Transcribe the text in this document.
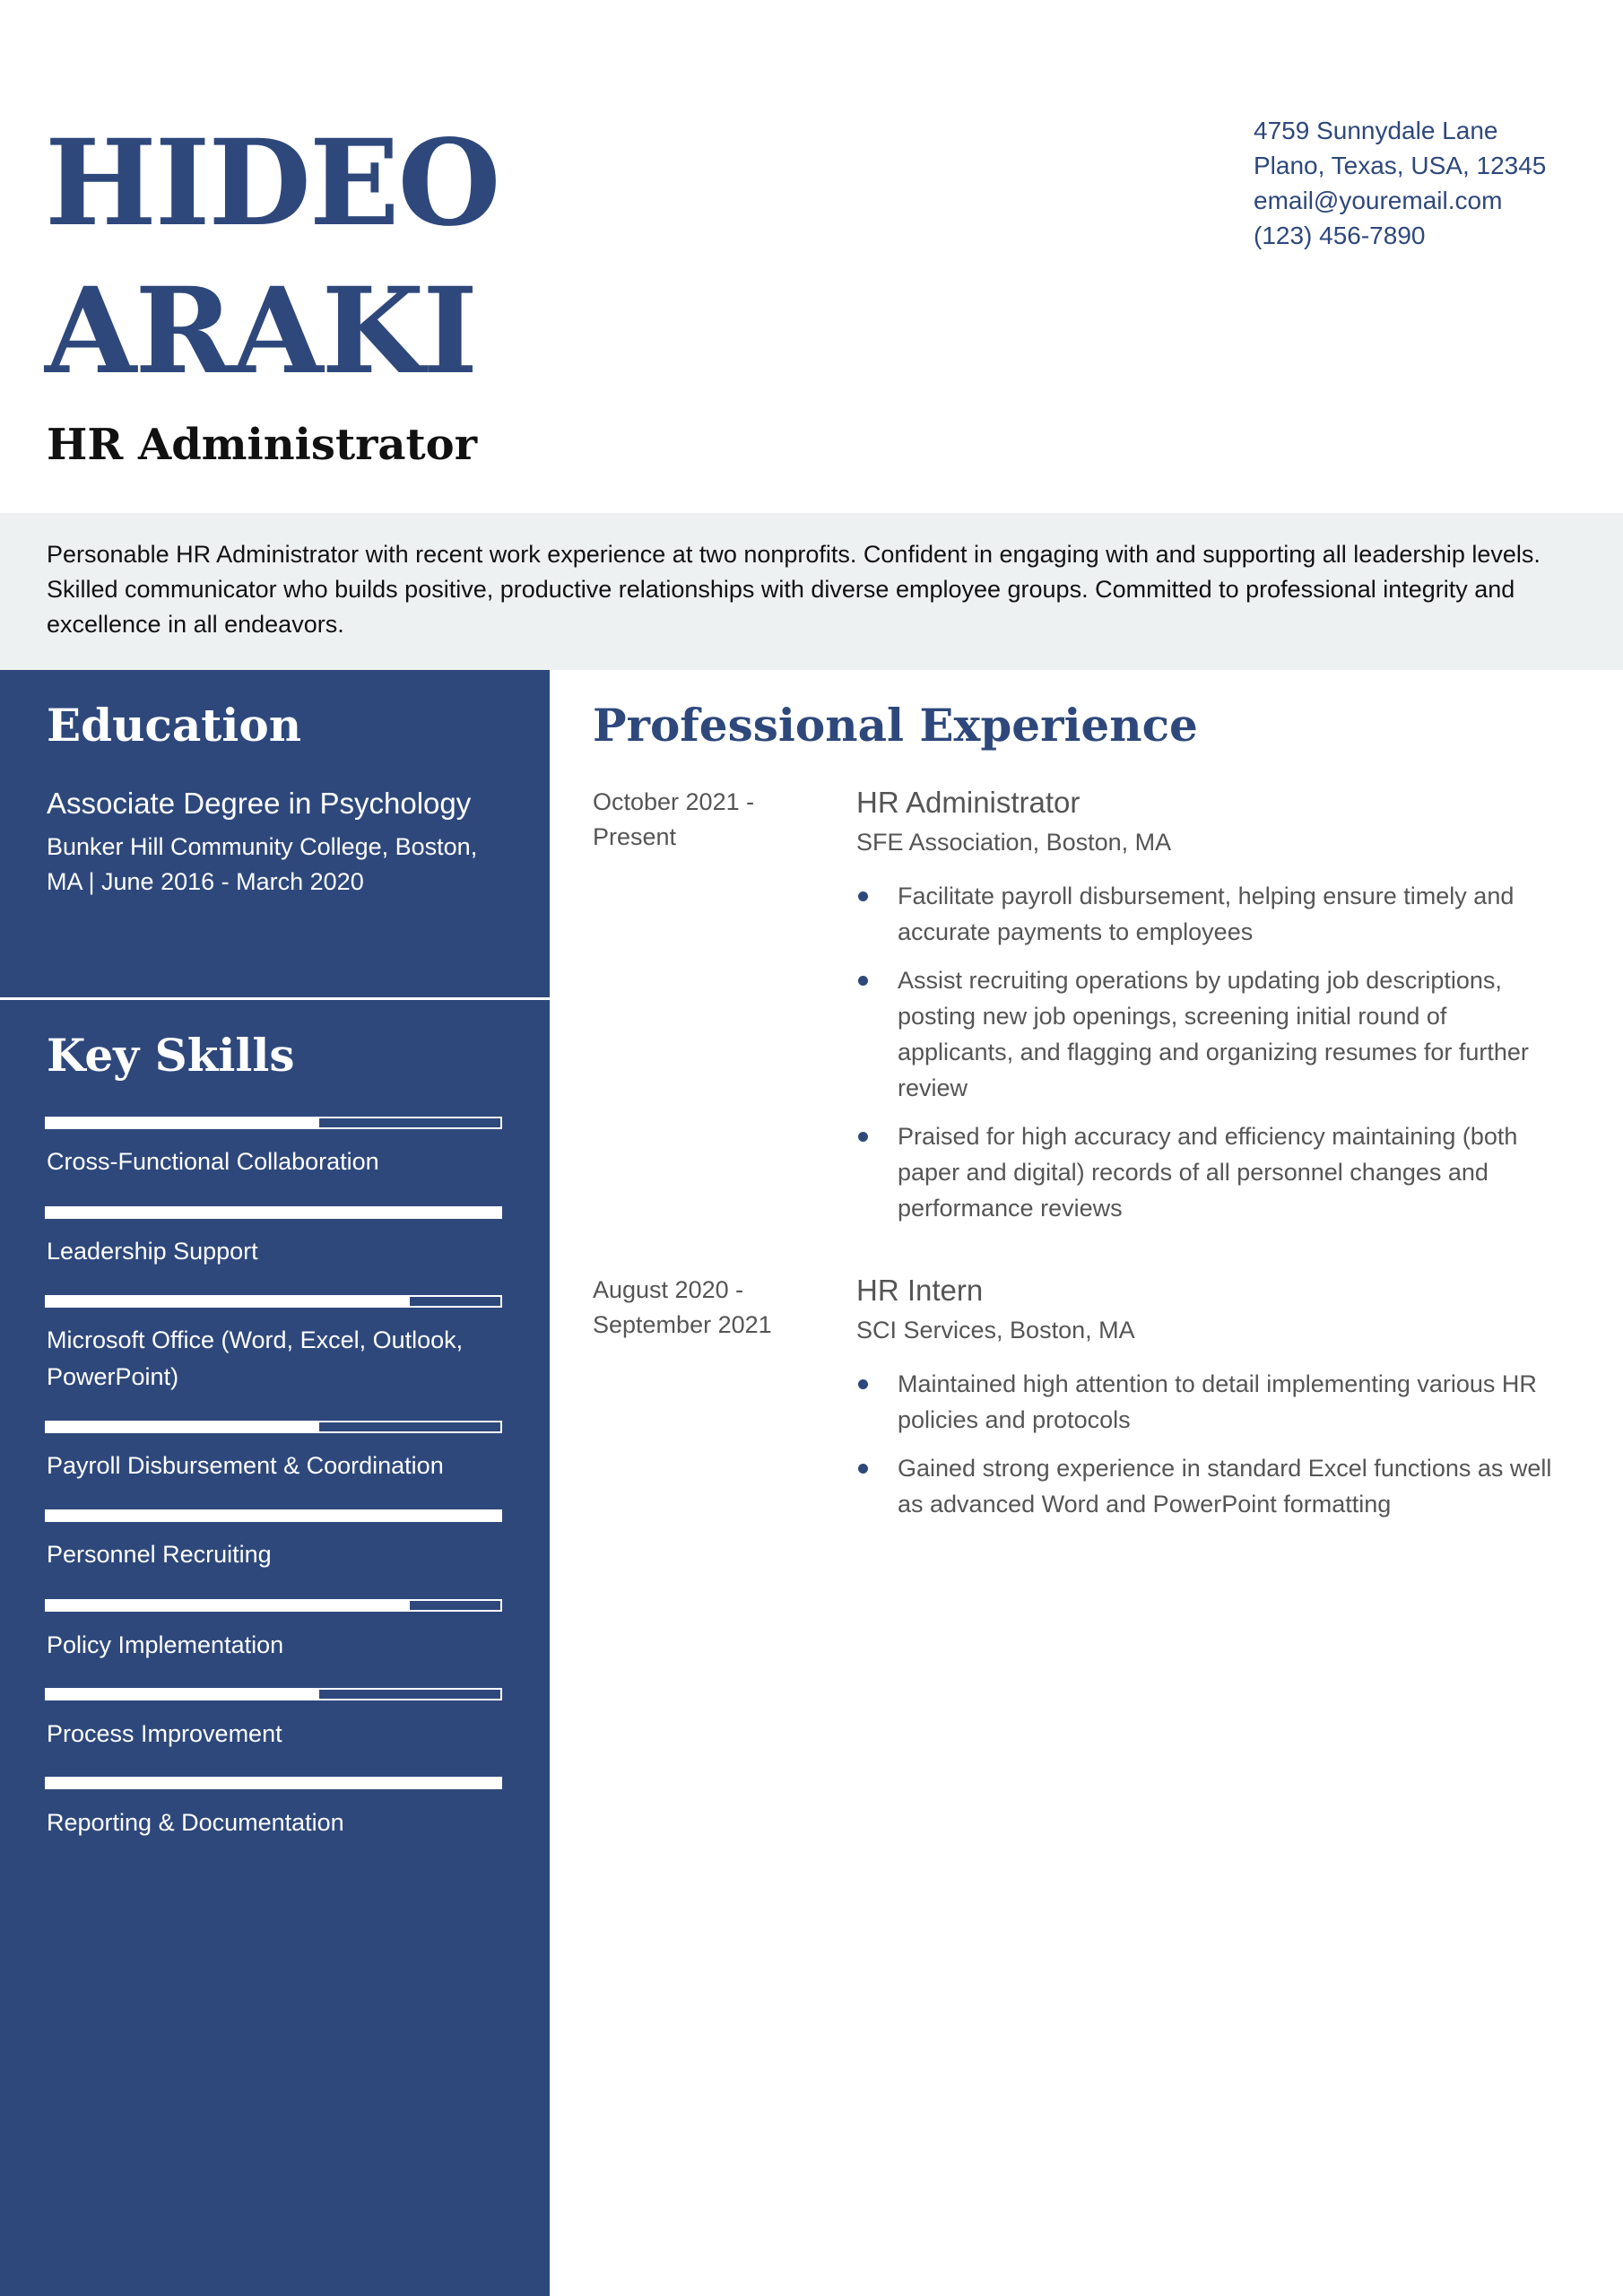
HIDEO
ARAKI
HR Administrator
4759 Sunnydale Lane
Plano, Texas, USA, 12345
email@youremail.com
(123) 456-7890

Personable HR Administrator with recent work experience at two nonprofits. Confident in engaging with and supporting all leadership levels. Skilled communicator who builds positive, productive relationships with diverse employee groups. Committed to professional integrity and excellence in all endeavors.

Education
Associate Degree in Psychology
Bunker Hill Community College, Boston, MA | June 2016 - March 2020
Key Skills
Cross-Functional Collaboration
Leadership Support
Microsoft Office (Word, Excel, Outlook, PowerPoint)
Payroll Disbursement & Coordination
Personnel Recruiting
Policy Implementation
Process Improvement
Reporting & Documentation
Professional Experience
October 2021 - Present
HR Administrator
SFE Association, Boston, MA
Facilitate payroll disbursement, helping ensure timely and accurate payments to employees
Assist recruiting operations by updating job descriptions, posting new job openings, screening initial round of applicants, and flagging and organizing resumes for further review
Praised for high accuracy and efficiency maintaining (both paper and digital) records of all personnel changes and performance reviews
August 2020 - September 2021
HR Intern
SCI Services, Boston, MA
Maintained high attention to detail implementing various HR policies and protocols
Gained strong experience in standard Excel functions as well as advanced Word and PowerPoint formatting
